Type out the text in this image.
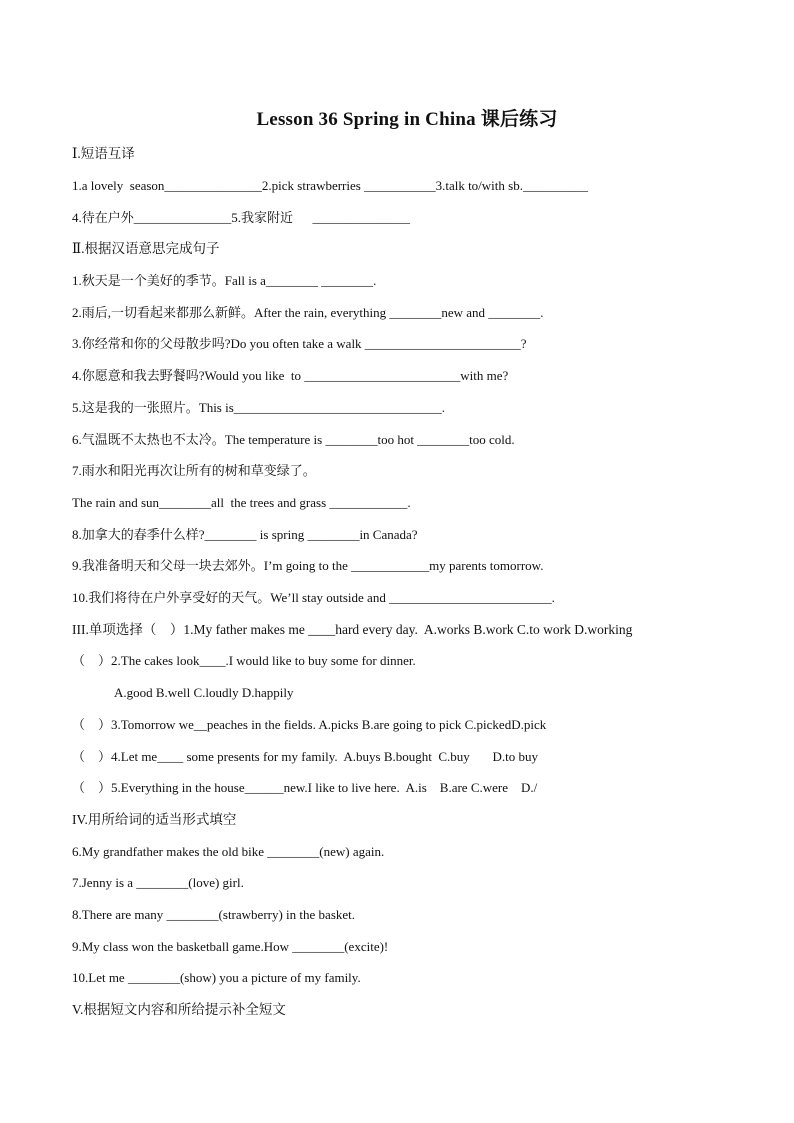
Lesson 36 Spring in China 课后练习
Ⅰ.短语互译
1.a lovely  season_______________2.pick strawberries ___________3.talk to/with sb.__________
4.待在户外_______________5.我家附近      _______________
Ⅱ.根据汉语意思完成句子
1.秋天是一个美好的季节。Fall is a________ ________.
2.雨后,一切看起来都那么新鲜。After the rain, everything ________new and ________.
3.你经常和你的父母散步吗?Do you often take a walk ________________________?
4.你愿意和我去野餐吗?Would you like  to ________________________with me?
5.这是我的一张照片。This is________________________________.
6.气温既不太热也不太冷。The temperature is ________too hot ________too cold.
7.雨水和阳光再次让所有的树和草变绿了。
The rain and sun________all  the trees and grass ____________.
8.加拿大的春季什么样?________ is spring ________in Canada?
9.我准备明天和父母一块去郊外。I’m going to the ____________my parents tomorrow.
10.我们将待在户外享受好的天气。We’ll stay outside and _________________________.
III.单项选择（    ）1.My father makes me ____hard every day.  A.works B.work C.to work D.working
（    ）2.The cakes look____.I would like to buy some for dinner.
A.good B.well C.loudly D.happily
（    ）3.Tomorrow we__peaches in the fields. A.picks B.are going to pick C.pickedD.pick
（    ）4.Let me____ some presents for my family.  A.buys B.bought  C.buy       D.to buy
（    ）5.Everything in the house______new.I like to live here.  A.is    B.are C.were    D./
IV.用所给词的适当形式填空
6.My grandfather makes the old bike ________(new) again.
7.Jenny is a ________(love) girl.
8.There are many ________(strawberry) in the basket.
9.My class won the basketball game.How ________(excite)!
10.Let me ________(show) you a picture of my family.
V.根据短文内容和所给提示补全短文
